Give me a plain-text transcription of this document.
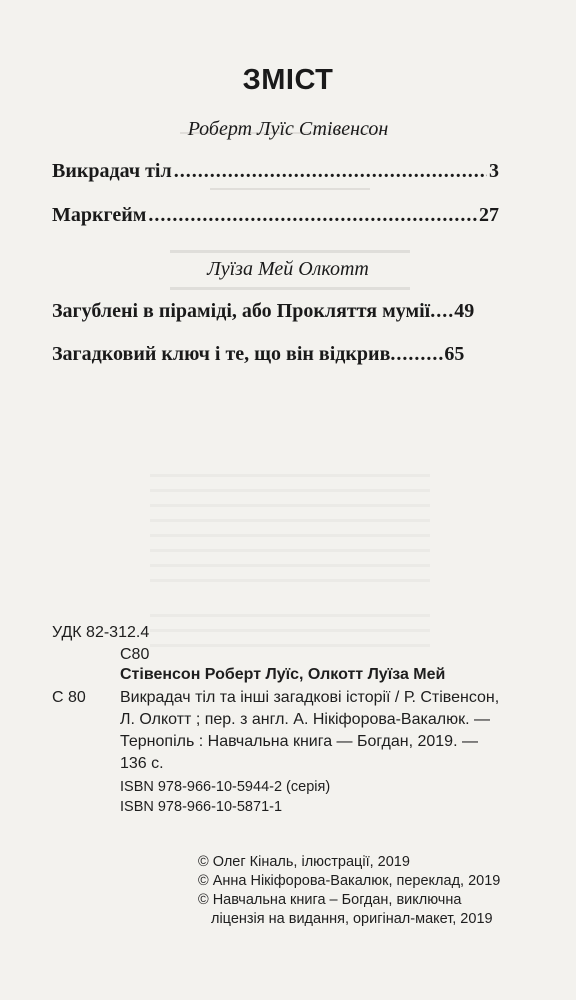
ЗМІСТ
Роберт Луїс Стівенсон
Викрадач тіл .....	3
Маркгейм .....	27
Луїза Мей Олкотт
Загублені в піраміді, або Прокляття мумії .... 49
Загадковий ключ і те, що він відкрив ......... 65
УДК 82-312.4
С80
Стівенсон Роберт Луїс, Олкотт Луїза Мей
С 80 Викрадач тіл та інші загадкові історії / Р. Стівенсон,
Л. Олкотт ; пер. з англ. А. Нікіфорова-Вакалюк. —
Тернопіль : Навчальна книга — Богдан, 2019. —
136 с.
ISBN 978-966-10-5944-2 (серія)
ISBN 978-966-10-5871-1
© Олег Кіналь, ілюстрації, 2019
© Анна Нікіфорова-Вакалюк, переклад, 2019
© Навчальна книга – Богдан, виключна
ліцензія на видання, оригінал-макет, 2019
